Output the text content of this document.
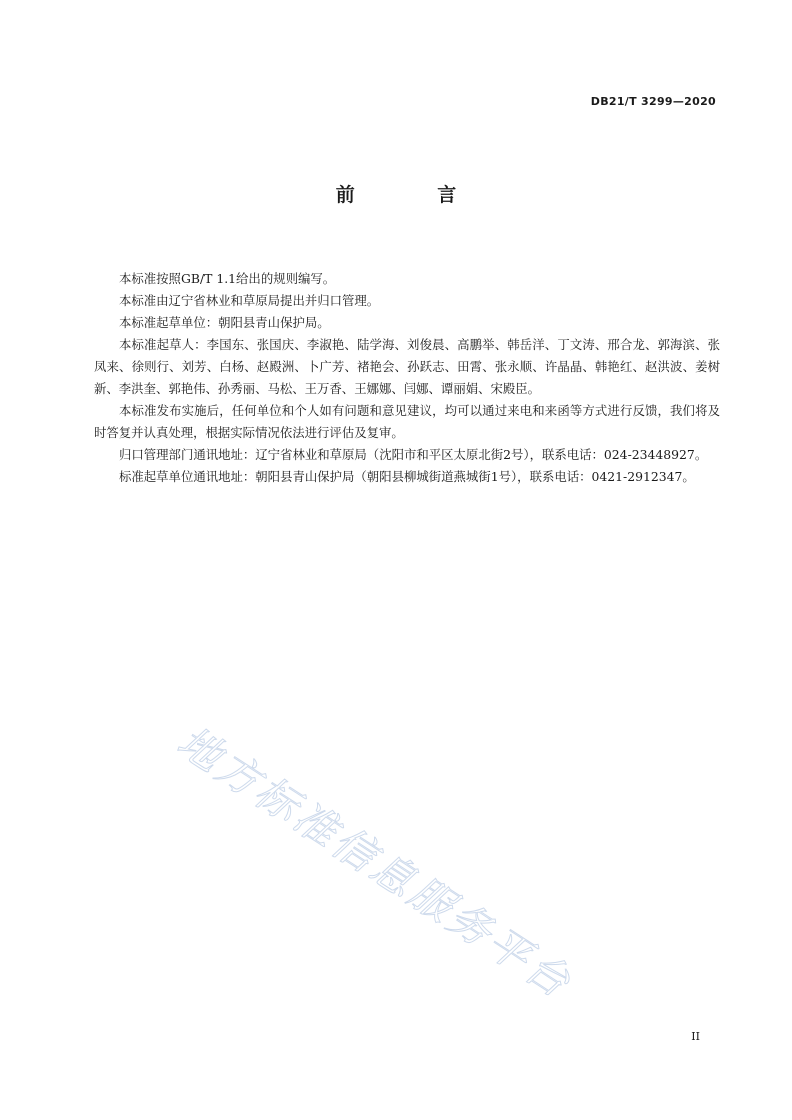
DB21/T 3299—2020
前 言

本标准按照GB/T 1.1给出的规则编写。

本标准由辽宁省林业和草原局提出并归口管理。

本标准起草单位：朝阳县青山保护局。

本标准起草人：李国东、张国庆、李淑艳、陆学海、刘俊晨、高鹏举、韩岳洋、丁文涛、邢合龙、郭海滨、张凤来、徐则行、刘芳、白杨、赵殿洲、卜广芳、褚艳会、孙跃志、田霄、张永顺、许晶晶、韩艳红、赵洪波、姜树新、李洪奎、郭艳伟、孙秀丽、马松、王万香、王娜娜、闫娜、谭丽娟、宋殿臣。

本标准发布实施后，任何单位和个人如有问题和意见建议，均可以通过来电和来函等方式进行反馈，我们将及时答复并认真处理，根据实际情况依法进行评估及复审。

归口管理部门通讯地址：辽宁省林业和草原局（沈阳市和平区太原北街2号），联系电话：024-23448927。

标准起草单位通讯地址：朝阳县青山保护局（朝阳县柳城街道燕城街1号），联系电话：0421-2912347。

地方标准信息服务平台
II
